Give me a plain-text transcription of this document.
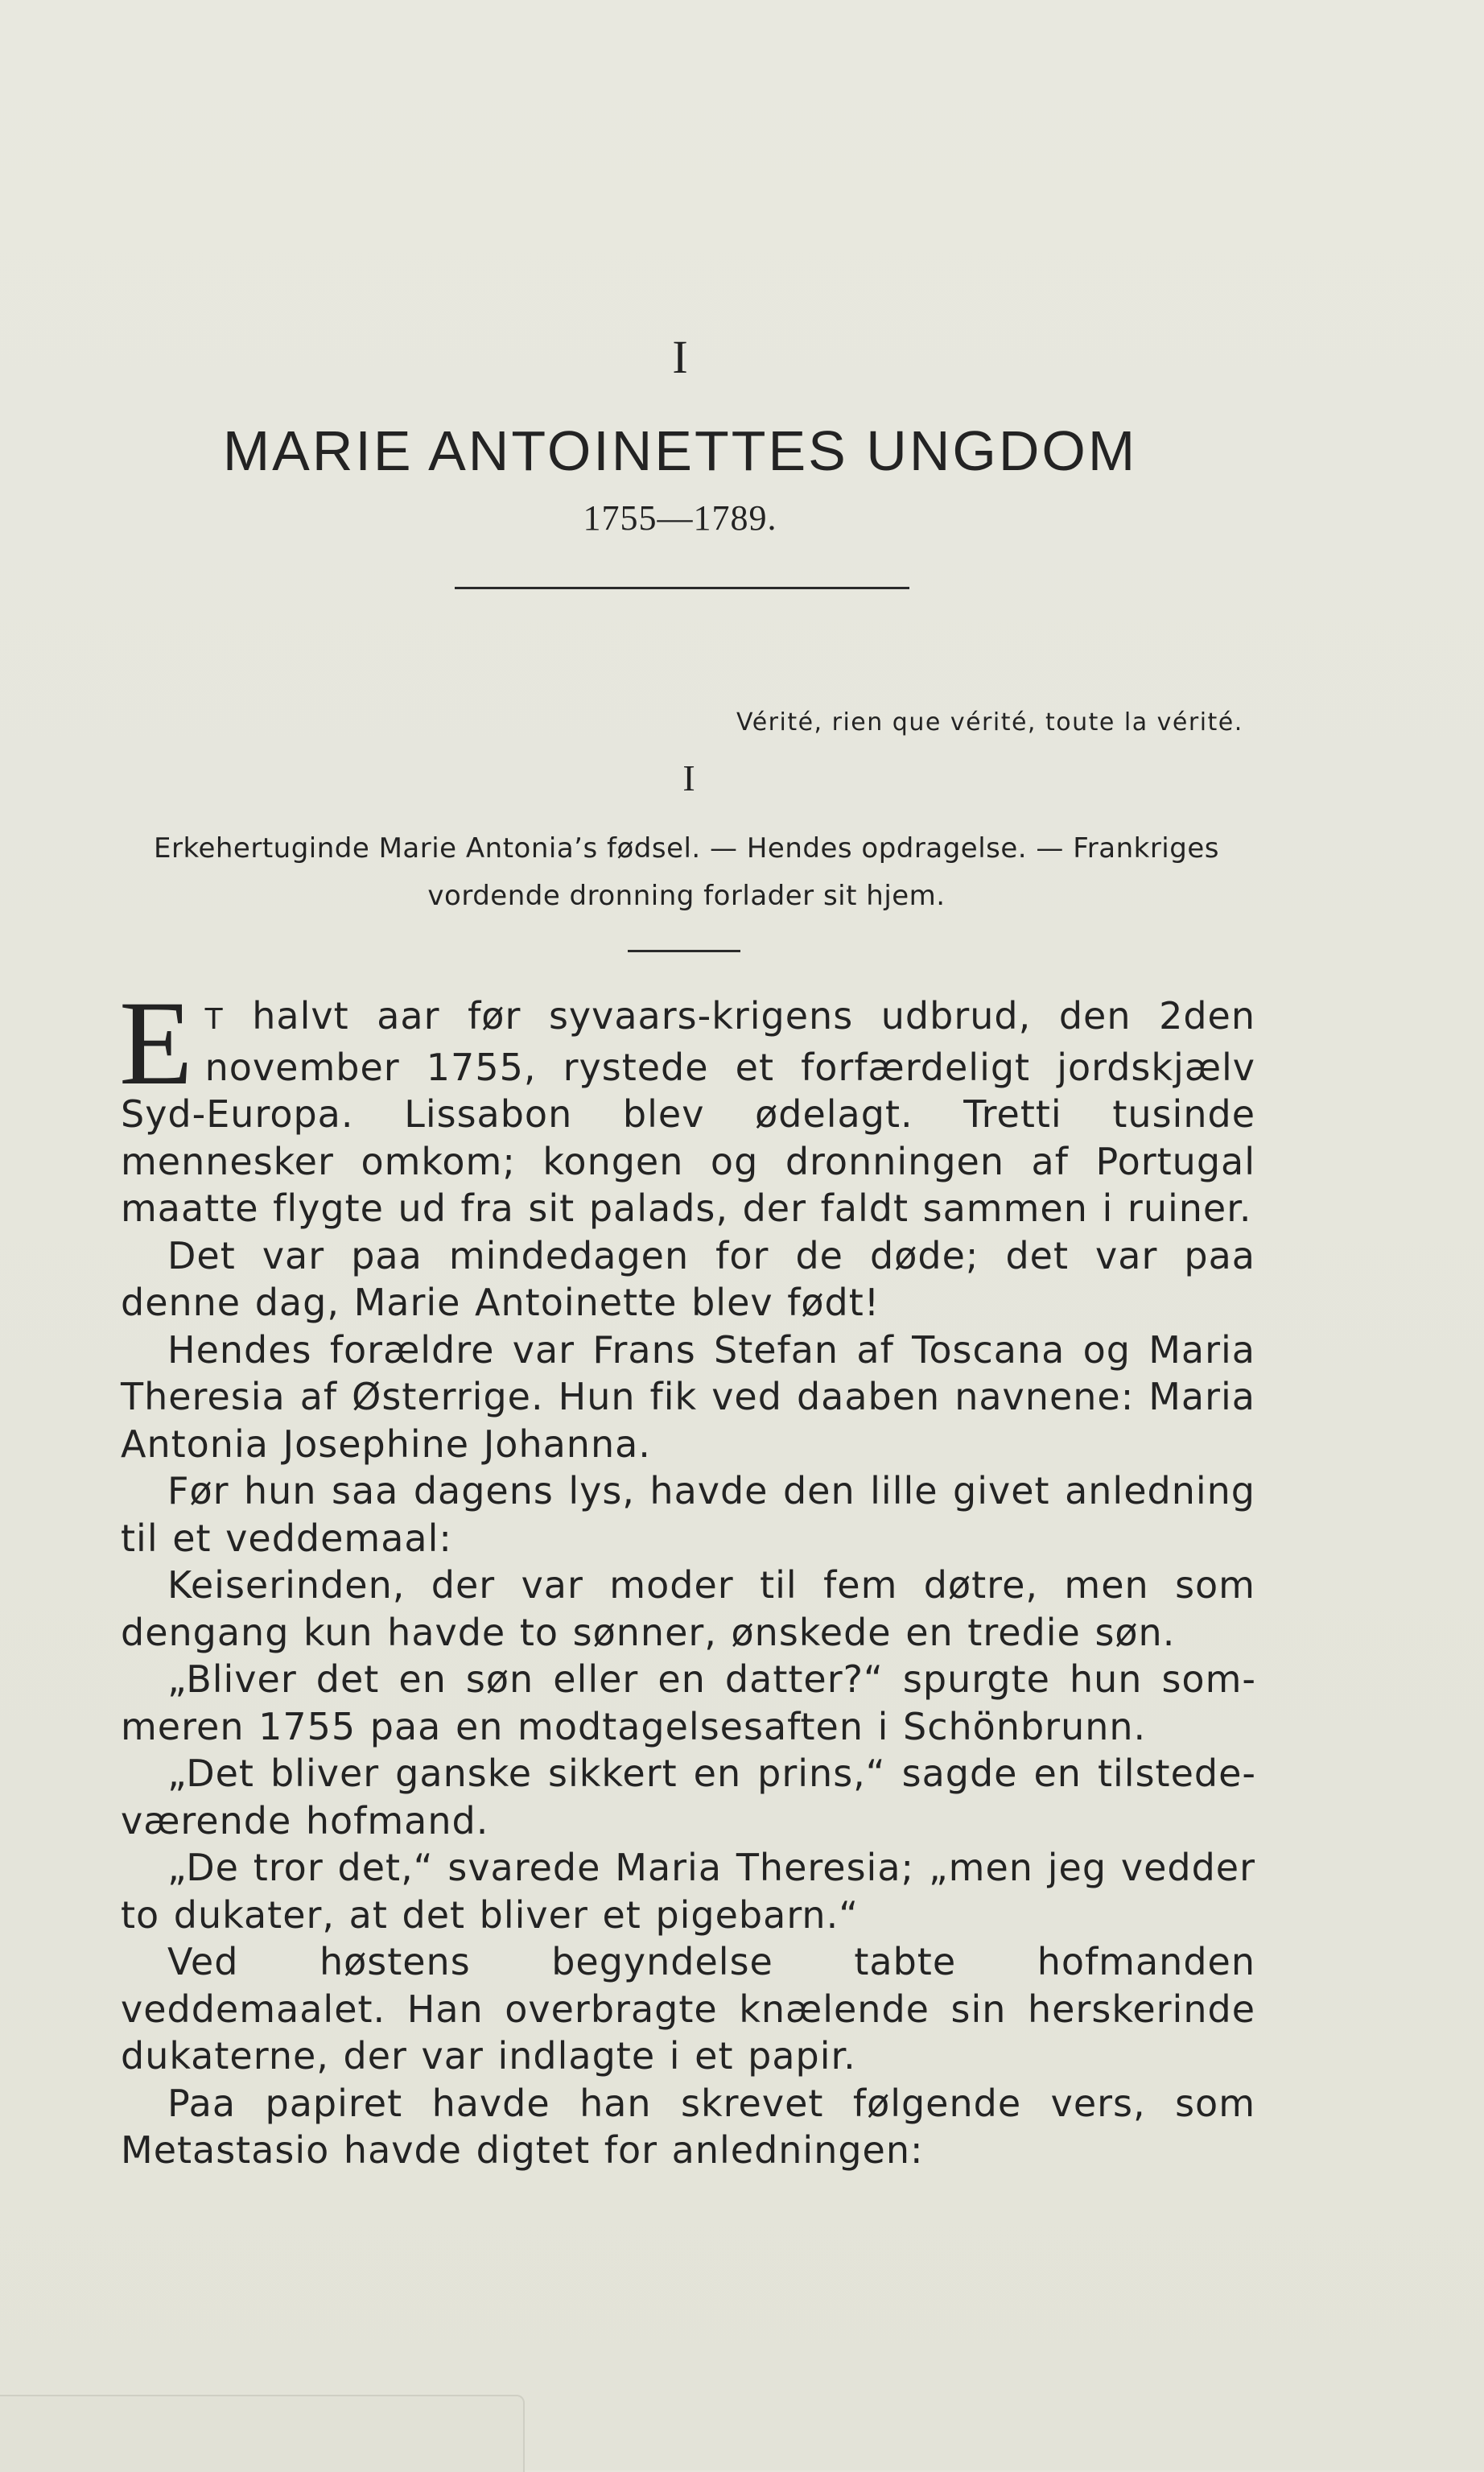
I
MARIE ANTOINETTES UNGDOM
1755—1789.
Vérité, rien que vérité, toute la vérité.
I
Erkehertuginde Marie Antonia’s fødsel. — Hendes opdragelse. — Frankriges
vordende dronning forlader sit hjem.

E T halvt aar før syvaars-krigens udbrud, den 2den november 1755, rystede et forfærdeligt jordskjælv Syd-Europa. Lissabon blev ødelagt. Tretti tusinde mennesker omkom; kongen og dronningen af Portugal maatte flygte ud fra sit palads, der faldt sammen i ruiner.

Det var paa mindedagen for de døde; det var paa denne dag, Marie Antoinette blev født!

Hendes forældre var Frans Stefan af Toscana og Maria Theresia af Østerrige. Hun fik ved daaben navnene: Maria Antonia Josephine Johanna.

Før hun saa dagens lys, havde den lille givet anledning til et veddemaal:

Keiserinden, der var moder til fem døtre, men som dengang kun havde to sønner, ønskede en tredie søn.

„Bliver det en søn eller en datter?“ spurgte hun sommeren 1755 paa en modtagelsesaften i Schönbrunn.

„Det bliver ganske sikkert en prins,“ sagde en tilstedeværende hofmand.

„De tror det,“ svarede Maria Theresia; „men jeg vedder to dukater, at det bliver et pigebarn.“

Ved høstens begyndelse tabte hofmanden veddemaalet. Han overbragte knælende sin herskerinde dukaterne, der var indlagte i et papir.

Paa papiret havde han skrevet følgende vers, som Metastasio havde digtet for anledningen:
